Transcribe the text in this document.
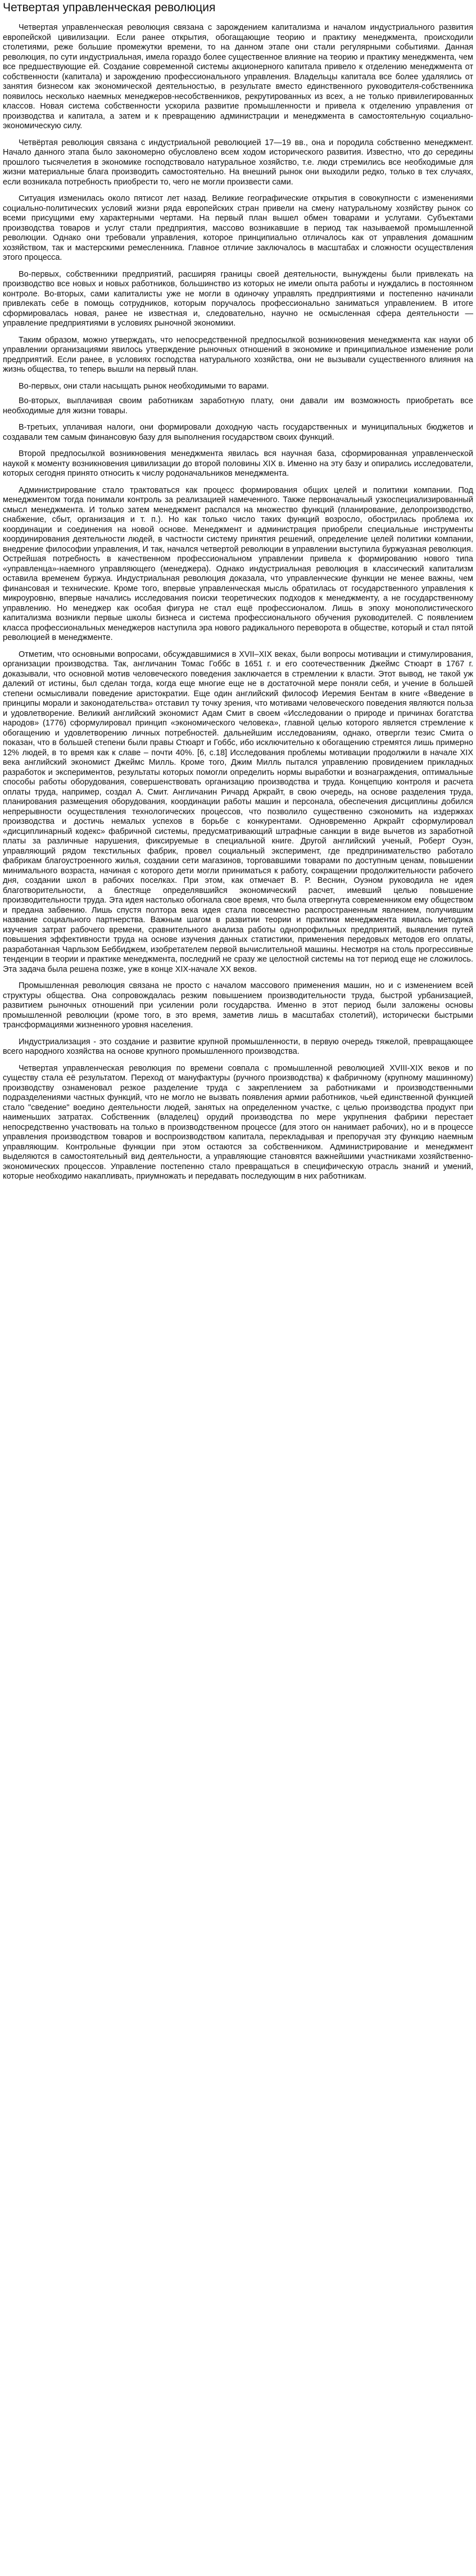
Четвертая управленческая революция

Четвертая управленческая революция связана с зарождением капитализма и началом индустриального развития европейской цивилизации. Если ранее открытия, обогащающие теорию и практику менеджмента, происходили столетиями, реже большие промежутки времени, то на данном этапе они стали регулярными событиями. Данная революция, по сути индустриальная, имела гораздо более существенное влияние на теорию и практику менеджмента, чем все предшествующие ей. Создание современной системы акционерного капитала привело к отделению менеджмента от собственности (капитала) и зарождению профессионального управления. Владельцы капитала все более удалялись от занятия бизнесом как экономической деятельностью, в результате вместо единственного руководителя-собственника появилось несколько наемных менеджеров-несобственников, рекрутированных из всех, а не только привилегированных классов. Новая система собственности ускорила развитие промышленности и привела к отделению управления от производства и капитала, а затем и к превращению администрации и менеджмента в самостоятельную социально-экономическую силу.

Четвёртая революция связана с индустриальной революцией 17—19 вв., она и породила собственно менеджмент. Начало данного этапа было закономерно обусловлено всем ходом исторического развития. Известно, что до середины прошлого тысячелетия в экономике господствовало натуральное хозяйство, т.е. люди стремились все необходимые для жизни материальные блага производить самостоятельно. На внешний рынок они выходили редко, только в тех случаях, если возникала потребность приобрести то, чего не могли произвести сами.

Ситуация изменилась около пятисот лет назад. Великие географические открытия в совокупности с изменениями социально-политических условий жизни ряда европейских стран привели на смену натуральному хозяйству рынок со всеми присущими ему характерными чертами. На первый план вышел обмен товарами и услугами. Субъектами производства товаров и услуг стали предприятия, массово возникавшие в период так называемой промышленной революции. Однако они требовали управления, которое принципиально отличалось как от управления домашним хозяйством, так и мастерскими ремесленника. Главное отличие заключалось в масштабах и сложности осуществления этого процесса.

Во-первых, собственники предприятий, расширяя границы своей деятельности, вынуждены были привлекать на производство все новых и новых работников, большинство из которых не имели опыта работы и нуждались в постоянном контроле. Во-вторых, сами капиталисты уже не могли в одиночку управлять предприятиями и постепенно начинали привлекать себе в помощь сотрудников, которым поручалось профессионально заниматься управлением. В итоге сформировалась новая, ранее не известная и, следовательно, научно не осмысленная сфера деятельности — управление предприятиями в условиях рыночной экономики.

Таким образом, можно утверждать, что непосредственной предпосылкой возникновения менеджмента как науки об управлении организациями явилось утверждение рыночных отношений в экономике и принципиальное изменение роли предприятий. Если ранее, в условиях господства натурального хозяйства, они не вызывали существенного влияния на жизнь общества, то теперь вышли на первый план.

Во-первых, они стали насыщать рынок необходимыми то варами.

Во-вторых, выплачивая своим работникам заработную плату, они давали им возможность приобретать все необходимые для жизни товары.

В-третьих, уплачивая налоги, они формировали доходную часть государственных и муниципальных бюджетов и создавали тем самым финансовую базу для выполнения государством своих функций.

Второй предпосылкой возникновения менеджмента явилась вся научная база, сформированная управленческой наукой к моменту возникновения цивилизации до второй половины XIX в. Именно на эту базу и опирались исследователи, которых сегодня принято относить к числу родоначальников менеджмента.

Администрирование стало трактоваться как процесс формирования общих целей и политики компании. Под менеджментом тогда понимали контроль за реализацией намеченного. Также первоначальный узкоспециализированный смысл менеджмента. И только затем менеджмент распался на множество функций (планирование, делопроизводство, снабжение, сбыт, организация и т. п.). Но как только число таких функций возросло, обострилась проблема их координации и соединения на новой основе. Менеджмент и администрация приобрели специальные инструменты координирования деятельности людей, в частности систему принятия решений, определение целей политики компании, внедрение философии управления, И так, начался четвертой революции в управлении выступила буржуазная революция. Острейшая потребность в качественном профессиональном управлении привела к формированию нового типа «управленца»-наемного управляющего (менеджера). Однако индустриальная революция в классический капитализм оставила временем буржуа. Индустриальная революция доказала, что управленческие функции не менее важны, чем финансовая и технические. Кроме того, впервые управленческая мысль обратилась от государственного управления к микроуровню, впервые начались исследования поиски теоретических подходов к менеджменту, а не государственному управлению. Но менеджер как особая фигура не стал ещё профессионалом. Лишь в эпоху монополистического капитализма возникли первые школы бизнеса и система профессионального обучения руководителей. С появлением класса профессиональных менеджеров наступила эра нового радикального переворота в обществе, который и стал пятой революцией в менеджменте.

Отметим, что основными вопросами, обсуждавшимися в XVII–XIX веках, были вопросы мотивации и стимулирования, организации производства. Так, англичанин Томас Гоббс в 1651 г. и его соотечественник Джеймс Стюарт в 1767 г. доказывали, что основной мотив человеческого поведения заключается в стремлении к власти. Этот вывод, не такой уж далекий от истины, был сделан тогда, когда еще многие еще не в достаточной мере поняли себя, и учение в большей степени осмысливали поведение аристократии. Еще один английский философ Иеремия Бентам в книге «Введение в принципы морали и законодательства» отставил ту точку зрения, что мотивами человеческого поведения являются польза и удовлетворение. Великий английский экономист Адам Смит в своем «Исследовании о природе и причинах богатства народов» (1776) сформулировал принцип «экономического человека», главной целью которого является стремление к обогащению и удовлетворению личных потребностей. дальнейшим исследованиям, однако, отвергли тезис Смита о показан, что в большей степени были правы Стюарт и Гоббс, ибо исключительно к обогащению стремятся лишь примерно 12% людей, в то время как к славе – почти 40%. [6, с.18] Исследования проблемы мотивации продолжили в начале XIX века английский экономист Джеймс Милль. Кроме того, Джим Милль пытался управлению провидением прикладных разработок и экспериментов, результаты которых помогли определить нормы выработки и вознаграждения, оптимальные способы работы оборудования, совершенствовать организацию производства и труда. Концепцию контроля и расчета оплаты труда, например, создал А. Смит. Англичанин Ричард Аркрайт, в свою очередь, на основе разделения труда, планирования размещения оборудования, координации работы машин и персонала, обеспечения дисциплины добился непрерывности осуществления технологических процессов, что позволило существенно сэкономить на издержках производства и достичь немалых успехов в борьбе с конкурентами. Одновременно Аркрайт сформулировал «дисциплинарный кодекс» фабричной системы, предусматривающий штрафные санкции в виде вычетов из заработной платы за различные нарушения, фиксируемые в специальной книге. Другой английский ученый, Роберт Оуэн, управляющий рядом текстильных фабрик, провел социальный эксперимент, где предпринимательство работало фабрикам благоустроенного жилья, создании сети магазинов, торговавшими товарами по доступным ценам, повышении минимального возраста, начиная с которого дети могли приниматься к работу, сокращении продолжительности рабочего дня, создании школ в рабочих поселках. При этом, как отмечает В. Р. Веснин, Оуэном руководила не идея благотворительности, а блестяще определявшийся экономический расчет, имевший целью повышение производительности труда. Эта идея настолько обогнала свое время, что была отвергнута современником ему обществом и предана забвению. Лишь спустя полтора века идея стала повсеместно распространенным явлением, получившим название социального партнерства. Важным шагом в развитии теории и практики менеджмента явилась методика изучения затрат рабочего времени, сравнительного анализа работы однопрофильных предприятий, выявления путей повышения эффективности труда на основе изучения данных статистики, применения передовых методов его оплаты, разработанная Чарльзом Беббиджем, изобретателем первой вычислительной машины. Несмотря на столь прогрессивные тенденции в теории и практике менеджмента, последний не сразу же целостной системы на тот период еще не сложилось. Эта задача была решена позже, уже в конце XIX-начале XX веков.

Промышленная революция связана не просто с началом массового применения машин, но и с изменением всей структуры общества. Она сопровождалась резким повышением производительности труда, быстрой урбанизацией, развитием рыночных отношений при усилении роли государства. Именно в этот период были заложены основы промышленной революции (кроме того, в это время, заметив лишь в масштабах столетий), исторически быстрыми трансформациями жизненного уровня населения.

Индустриализация - это создание и развитие крупной промышленности, в первую очередь тяжелой, превращающее всего народного хозяйства на основе крупного промышленного производства.

Четвертая управленческая революция по времени совпала с промышленной революцией XVIII-XIX веков и по существу стала её результатом. Переход от мануфактуры (ручного производства) к фабричному (крупному машинному) производству ознаменовал резкое разделение труда с закреплением за работниками и производственными подразделениями частных функций, что не могло не вызвать появления армии работников, чьей единственной функцией стало "сведение" воедино деятельности людей, занятых на определенном участке, с целью производства продукт при наименьших затратах. Собственник (владелец) орудий производства по мере укрупнения фабрики перестает непосредственно участвовать на только в производственном процессе (для этого он нанимает рабочих), но и в процессе управления производством товаров и воспроизводством капитала, перекладывая и препоручая эту функцию наемным управляющим. Контрольные функции при этом остаются за собственником. Администрирование и менеджмент выделяются в самостоятельный вид деятельности, а управляющие становятся важнейшими участниками хозяйственно-экономических процессов. Управление постепенно стало превращаться в специфическую отрасль знаний и умений, которые необходимо накапливать, приумножать и передавать последующим в них работникам.
